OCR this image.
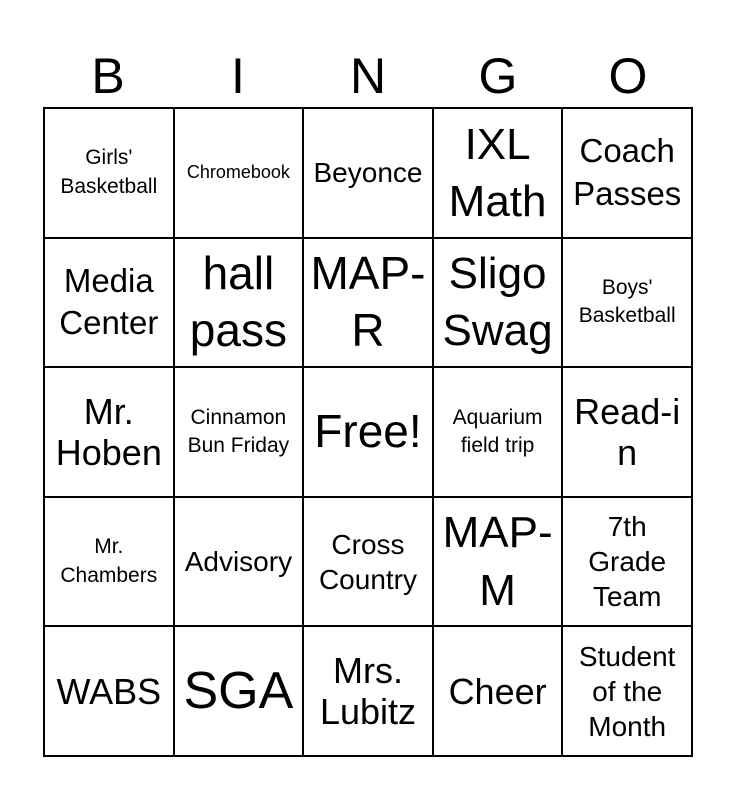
B	I	N	G	O
Girls' Basketball
Chromebook Beyonce
IXL Math
Coach Passes
Media Center
hall pass
MAP-R
Sligo Swag
Boys' Basketball
Mr. Hoben
Cinnamon Bun Friday Free!	Aquarium field trip
Read-in
Mr. Chambers Advisory
Cross Country
MAP-M
7th Grade Team
WABS SGA	Mrs. Lubitz
Cheer
Student of the Month
